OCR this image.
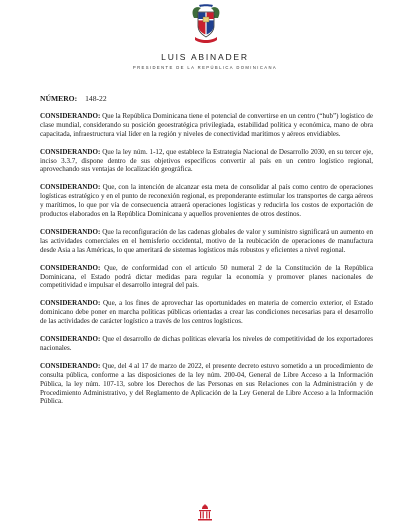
LUIS ABINADER
PRESIDENTE DE LA REPÚBLICA DOMINICANA
NÚMERO: 148-22

CONSIDERANDO: Que la República Dominicana tiene el potencial de convertirse en un centro (“hub”) logístico de clase mundial, considerando su posición geoestratégica privilegiada, estabilidad política y económica, mano de obra capacitada, infraestructura vial líder en la región y niveles de conectividad marítimos y aéreos envidiables.

CONSIDERANDO: Que la ley núm. 1-12, que establece la Estrategia Nacional de Desarrollo 2030, en su tercer eje, inciso 3.3.7, dispone dentro de sus objetivos específicos convertir al país en un centro logístico regional, aprovechando sus ventajas de localización geográfica.

CONSIDERANDO: Que, con la intención de alcanzar esta meta de consolidar al país como centro de operaciones logísticas estratégico y en el punto de reconexión regional, es preponderante estimular los transportes de carga aéreos y marítimos, lo que por vía de consecuencia atraerá operaciones logísticas y reducirla los costos de exportación de productos elaborados en la República Dominicana y aquellos provenientes de otros destinos.

CONSIDERANDO: Que la reconfiguración de las cadenas globales de valor y suministro significará un aumento en las actividades comerciales en el hemisferio occidental, motivo de la reubicación de operaciones de manufactura desde Asia a las Américas, lo que ameritará de sistemas logísticos más robustos y eficientes a nivel regional.

CONSIDERANDO: Que, de conformidad con el artículo 50 numeral 2 de la Constitución de la República Dominicana, el Estado podrá dictar medidas para regular la economía y promover planes nacionales de competitividad e impulsar el desarrollo integral del país.

CONSIDERANDO: Que, a los fines de aprovechar las oportunidades en materia de comercio exterior, el Estado dominicano debe poner en marcha políticas públicas orientadas a crear las condiciones necesarias para el desarrollo de las actividades de carácter logístico a través de los centros logísticos.

CONSIDERANDO: Que el desarrollo de dichas políticas elevaría los niveles de competitividad de los exportadores nacionales.

CONSIDERANDO: Que, del 4 al 17 de marzo de 2022, el presente decreto estuvo sometido a un procedimiento de consulta pública, conforme a las disposiciones de la ley núm. 200-04, General de Libre Acceso a la Información Pública, la ley núm. 107-13, sobre los Derechos de las Personas en sus Relaciones con la Administración y de Procedimiento Administrativo, y del Reglamento de Aplicación de la Ley General de Libre Acceso a la Información Pública.
